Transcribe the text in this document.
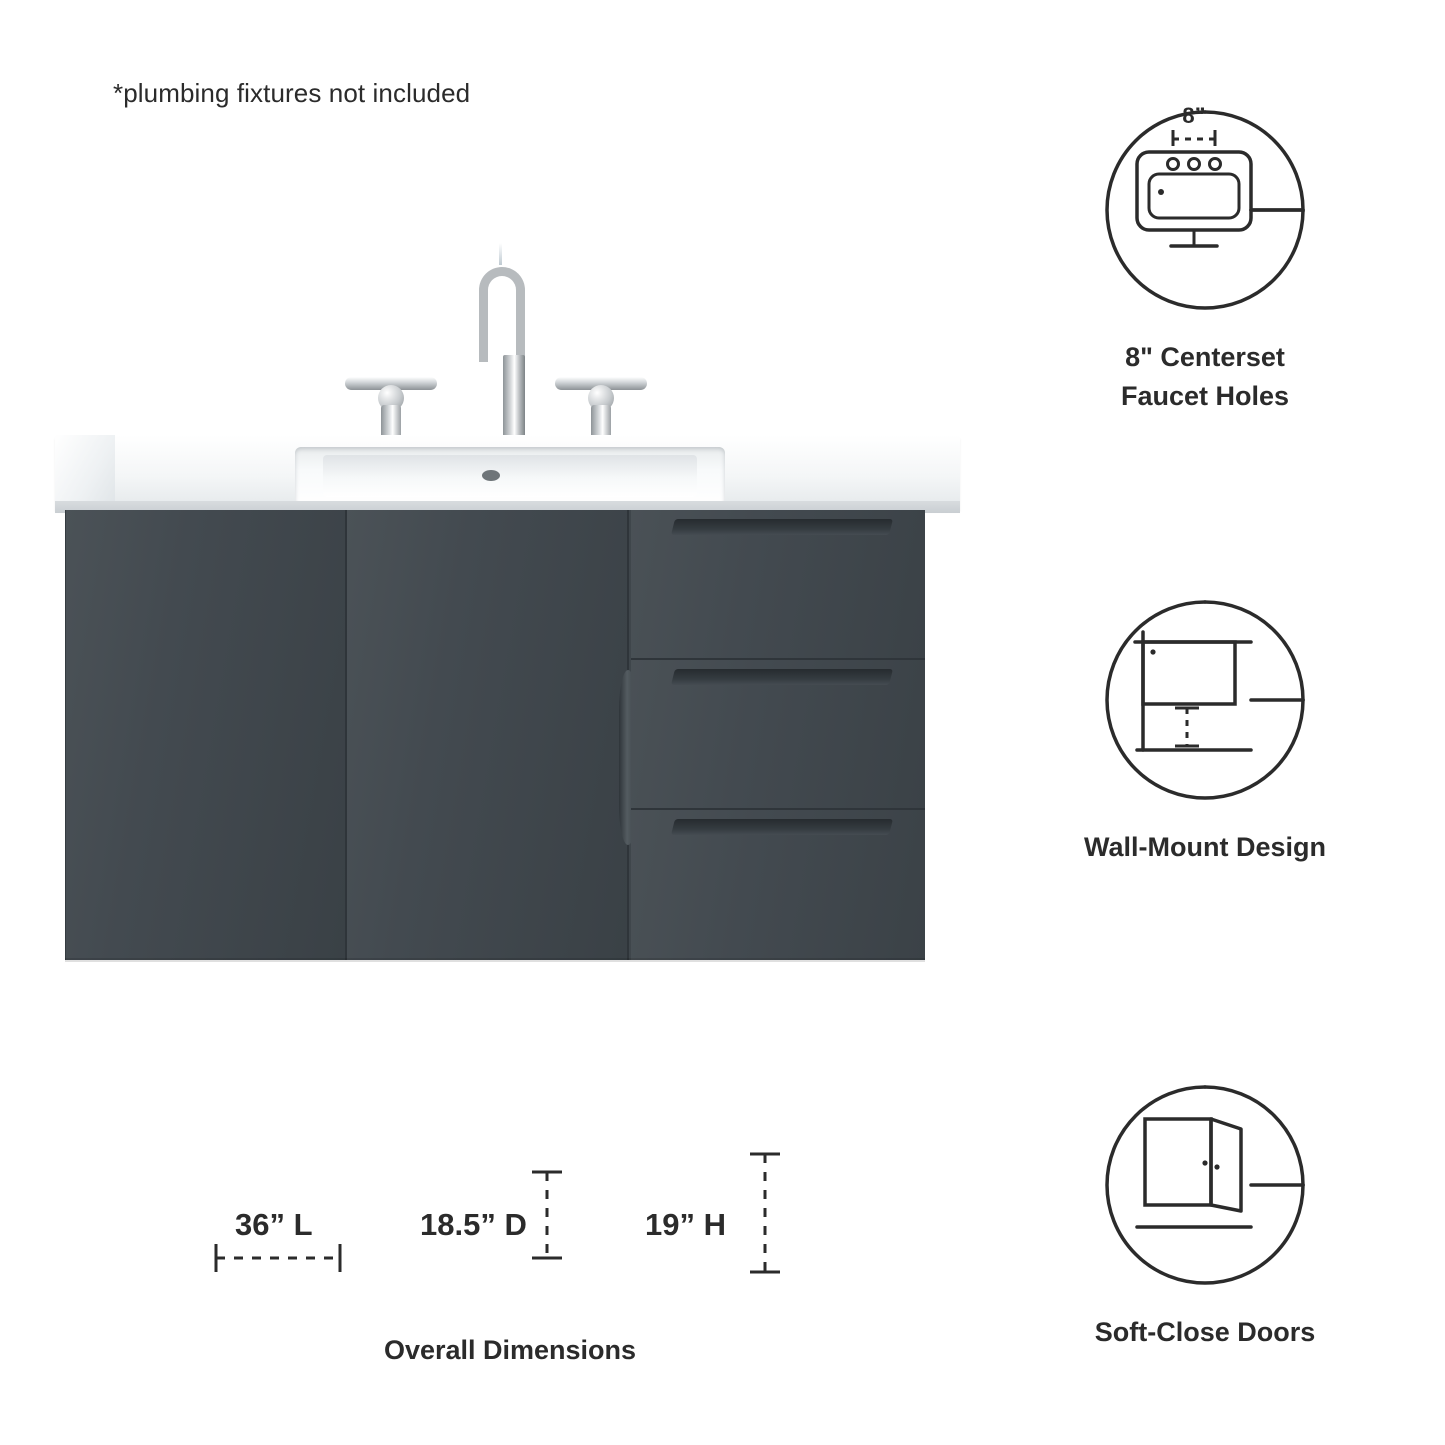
*plumbing fixtures not included
8”
8" Centerset
Faucet Holes
Wall-Mount Design
Soft-Close Doors
36” L	18.5” D	19” H
Overall Dimensions
